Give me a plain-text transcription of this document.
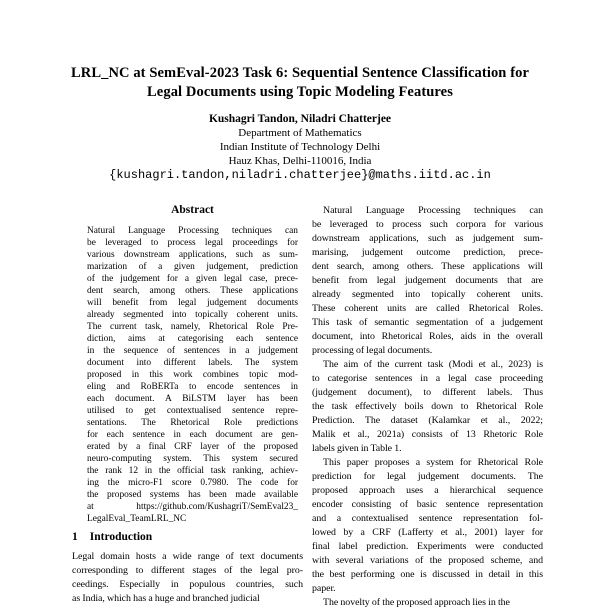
LRL_NC at SemEval-2023 Task 6: Sequential Sentence Classification for
Legal Documents using Topic Modeling Features
Kushagri Tandon, Niladri Chatterjee
Department of Mathematics
Indian Institute of Technology Delhi
Hauz Khas, Delhi-110016, India
{kushagri.tandon,niladri.chatterjee}@maths.iitd.ac.in
Abstract
Natural Language Processing techniques can
be leveraged to process legal proceedings for
various downstream applications, such as sum-
marization of a given judgement, prediction
of the judgement for a given legal case, prece-
dent search, among others. These applications
will benefit from legal judgement documents
already segmented into topically coherent units.
The current task, namely, Rhetorical Role Pre-
diction, aims at categorising each sentence
in the sequence of sentences in a judgement
document into different labels. The system
proposed in this work combines topic mod-
eling and RoBERTa to encode sentences in
each document. A BiLSTM layer has been
utilised to get contextualised sentence repre-
sentations. The Rhetorical Role predictions
for each sentence in each document are gen-
erated by a final CRF layer of the proposed
neuro-computing system. This system secured
the rank 12 in the official task ranking, achiev-
ing the micro-F1 score 0.7980. The code for
the proposed systems has been made available
at https://github.com/KushagriT/SemEval23_
LegalEval_TeamLRL_NC
1 Introduction
Legal domain hosts a wide range of text documents
corresponding to different stages of the legal pro-
ceedings. Especially in populous countries, such
as India, which has a huge and branched judicial
Natural Language Processing techniques can
be leveraged to process such corpora for various
downstream applications, such as judgement sum-
marising, judgement outcome prediction, prece-
dent search, among others. These applications will
benefit from legal judgement documents that are
already segmented into topically coherent units.
These coherent units are called Rhetorical Roles.
This task of semantic segmentation of a judgement
document, into Rhetorical Roles, aids in the overall
processing of legal documents.
The aim of the current task (Modi et al., 2023) is
to categorise sentences in a legal case proceeding
(judgement document), to different labels. Thus
the task effectively boils down to Rhetorical Role
Prediction. The dataset (Kalamkar et al., 2022;
Malik et al., 2021a) consists of 13 Rhetoric Role
labels given in Table 1.
This paper proposes a system for Rhetorical Role
prediction for legal judgement documents. The
proposed approach uses a hierarchical sequence
encoder consisting of basic sentence representation
and a contextualised sentence representation fol-
lowed by a CRF (Lafferty et al., 2001) layer for
final label prediction. Experiments were conducted
with several variations of the proposed scheme, and
the best performing one is discussed in detail in this
paper.
The novelty of the proposed approach lies in the
